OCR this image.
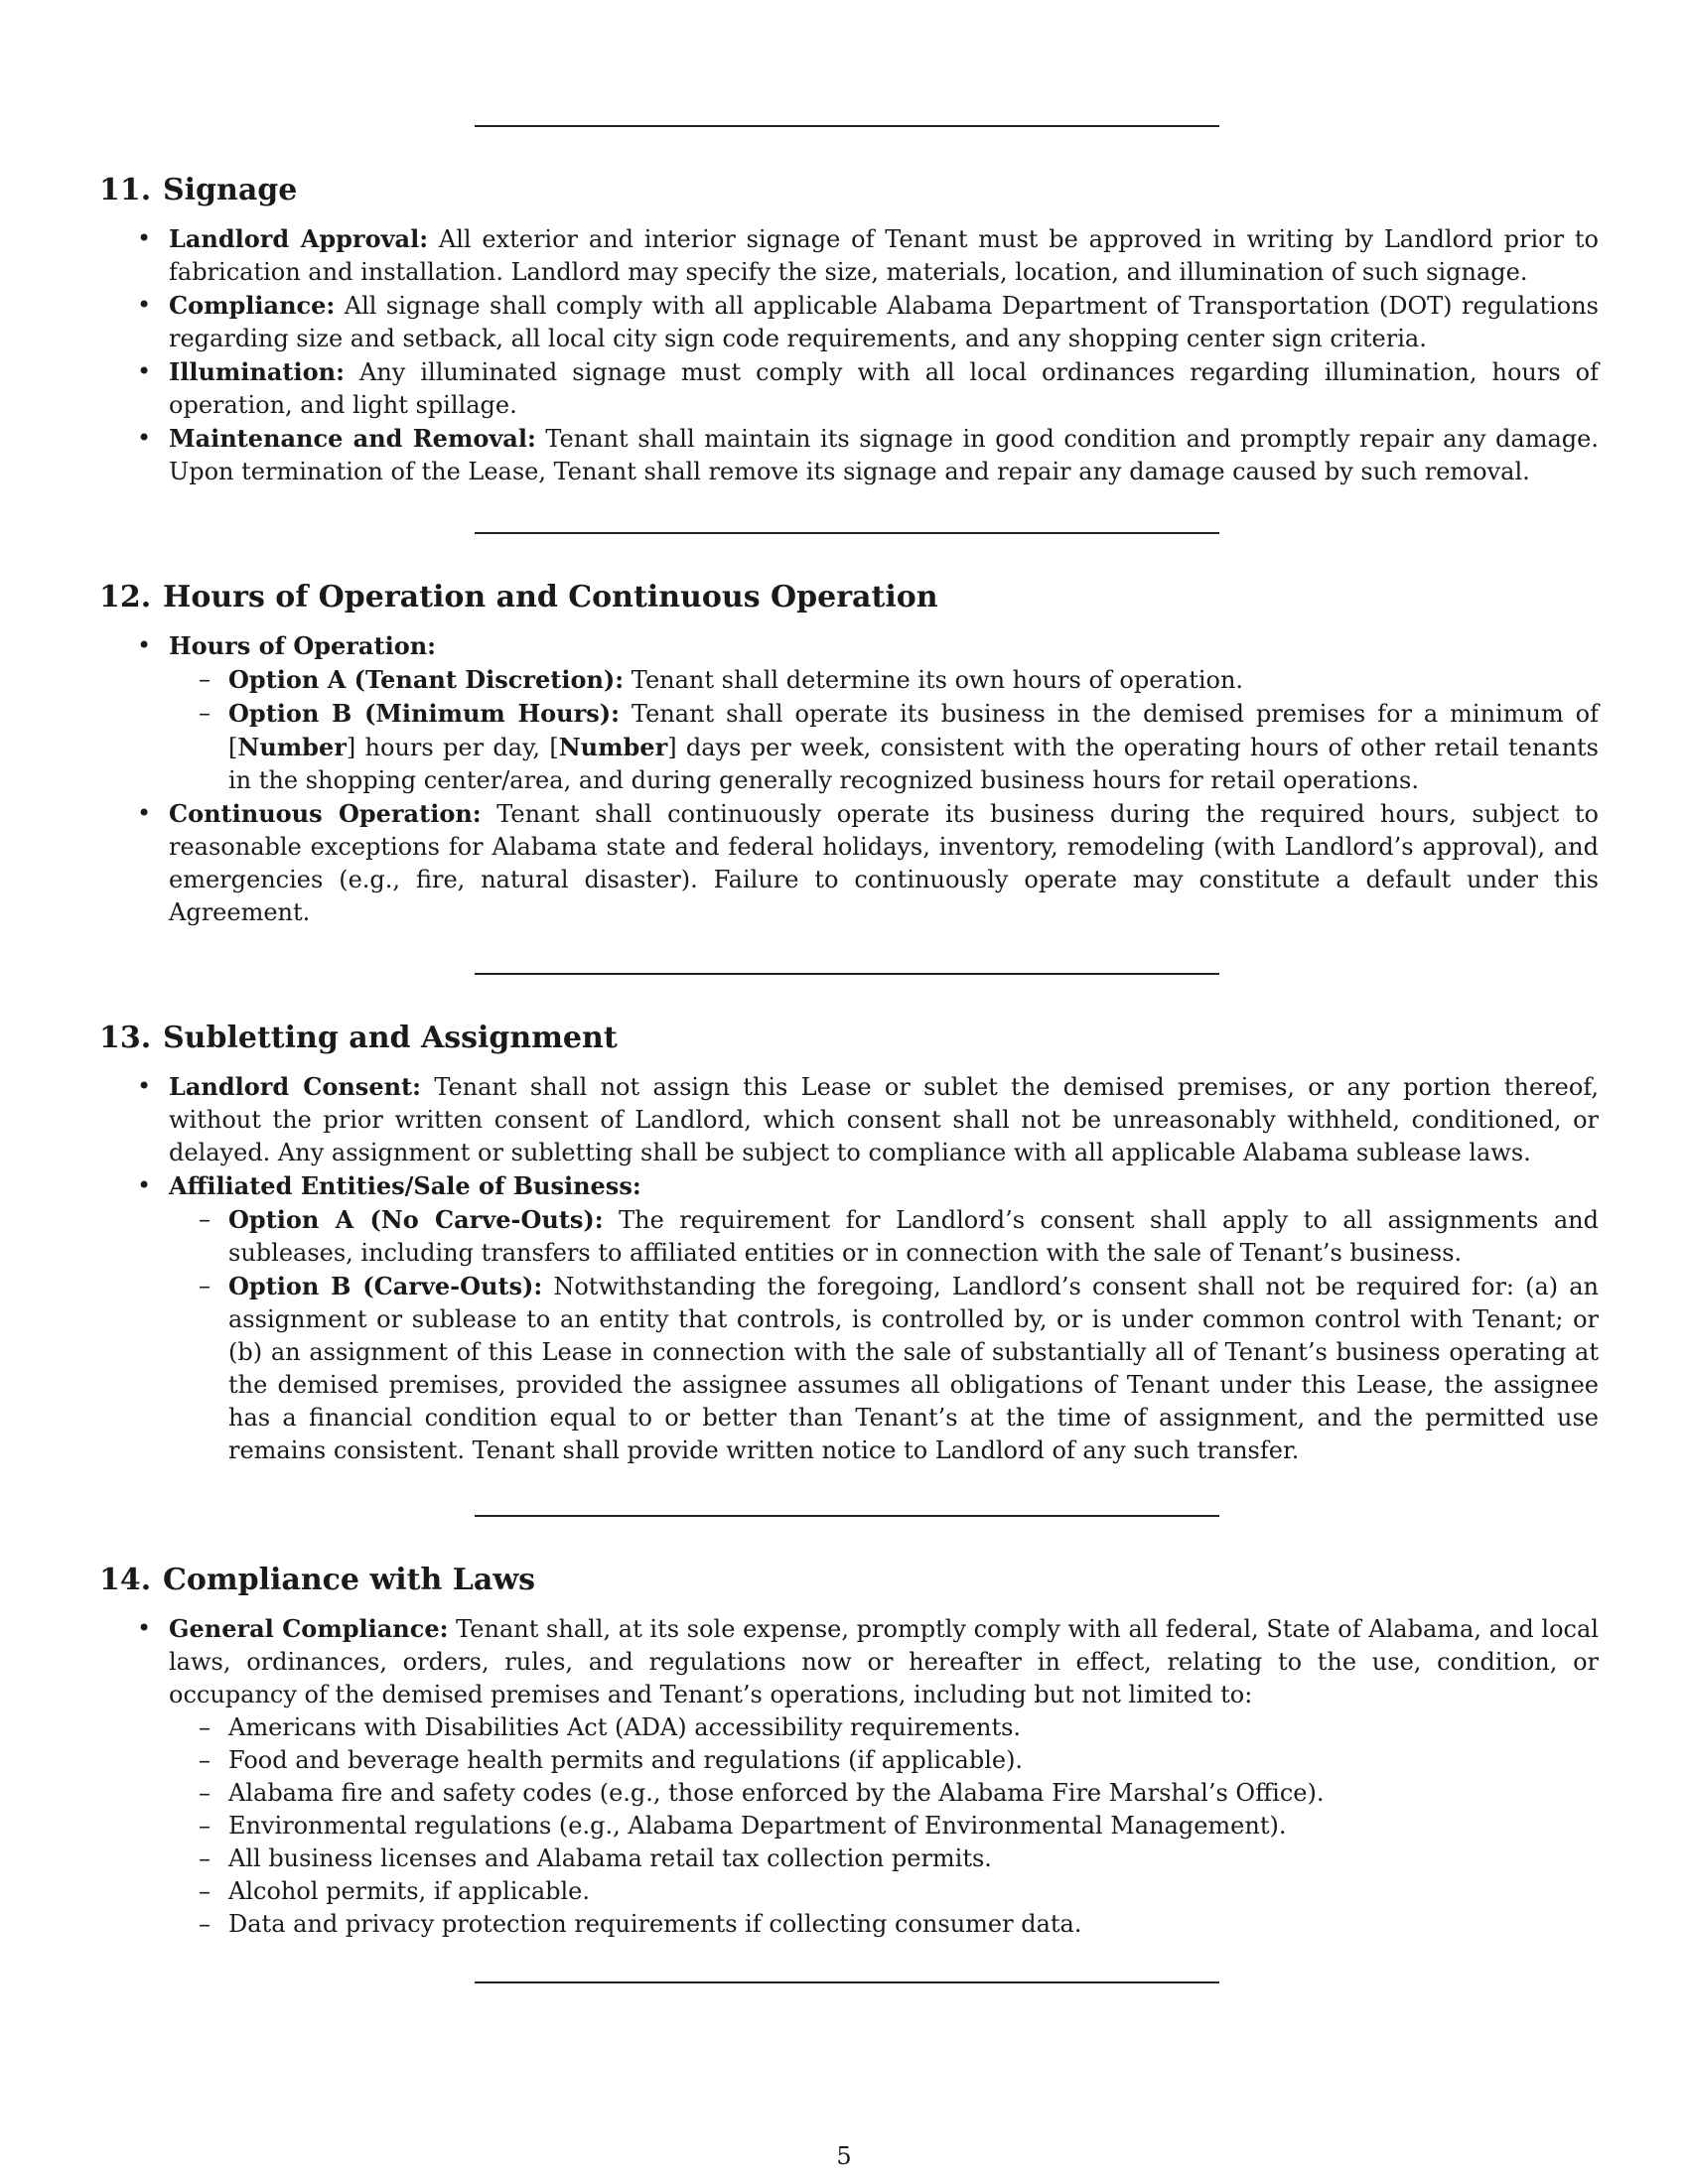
11. Signage
• Landlord Approval: All exterior and interior signage of Tenant must be approved in writing by Landlord prior to fabrication and installation. Landlord may specify the size, materials, location, and illumination of such signage.
• Compliance: All signage shall comply with all applicable Alabama Department of Transportation (DOT) regulations regarding size and setback, all local city sign code requirements, and any shopping center sign criteria.
• Illumination: Any illuminated signage must comply with all local ordinances regarding illumination, hours of operation, and light spillage.
• Maintenance and Removal: Tenant shall maintain its signage in good condition and promptly repair any damage. Upon termination of the Lease, Tenant shall remove its signage and repair any damage caused by such removal.
12. Hours of Operation and Continuous Operation
• Hours of Operation:
– Option A (Tenant Discretion): Tenant shall determine its own hours of operation.
– Option B (Minimum Hours): Tenant shall operate its business in the demised premises for a minimum of [Number] hours per day, [Number] days per week, consistent with the operating hours of other retail tenants in the shopping center/area, and during generally recognized business hours for retail operations.
• Continuous Operation: Tenant shall continuously operate its business during the required hours, subject to reasonable exceptions for Alabama state and federal holidays, inventory, remodeling (with Landlord’s approval), and emergencies (e.g., fire, natural disaster). Failure to continuously operate may constitute a default under this Agreement.
13. Subletting and Assignment
• Landlord Consent: Tenant shall not assign this Lease or sublet the demised premises, or any portion thereof, without the prior written consent of Landlord, which consent shall not be unreasonably withheld, conditioned, or delayed. Any assignment or subletting shall be subject to compliance with all applicable Alabama sublease laws.
• Affiliated Entities/Sale of Business:
– Option A (No Carve-Outs): The requirement for Landlord’s consent shall apply to all assignments and subleases, including transfers to affiliated entities or in connection with the sale of Tenant’s business.
– Option B (Carve-Outs): Notwithstanding the foregoing, Landlord’s consent shall not be required for: (a) an assignment or sublease to an entity that controls, is controlled by, or is under common control with Tenant; or (b) an assignment of this Lease in connection with the sale of substantially all of Tenant’s business operating at the demised premises, provided the assignee assumes all obligations of Tenant under this Lease, the assignee has a financial condition equal to or better than Tenant’s at the time of assignment, and the permitted use remains consistent. Tenant shall provide written notice to Landlord of any such transfer.
14. Compliance with Laws
• General Compliance: Tenant shall, at its sole expense, promptly comply with all federal, State of Alabama, and local laws, ordinances, orders, rules, and regulations now or hereafter in effect, relating to the use, condition, or occupancy of the demised premises and Tenant’s operations, including but not limited to:
– Americans with Disabilities Act (ADA) accessibility requirements.
– Food and beverage health permits and regulations (if applicable).
– Alabama fire and safety codes (e.g., those enforced by the Alabama Fire Marshal’s Office).
– Environmental regulations (e.g., Alabama Department of Environmental Management).
– All business licenses and Alabama retail tax collection permits.
– Alcohol permits, if applicable.
– Data and privacy protection requirements if collecting consumer data.
5
